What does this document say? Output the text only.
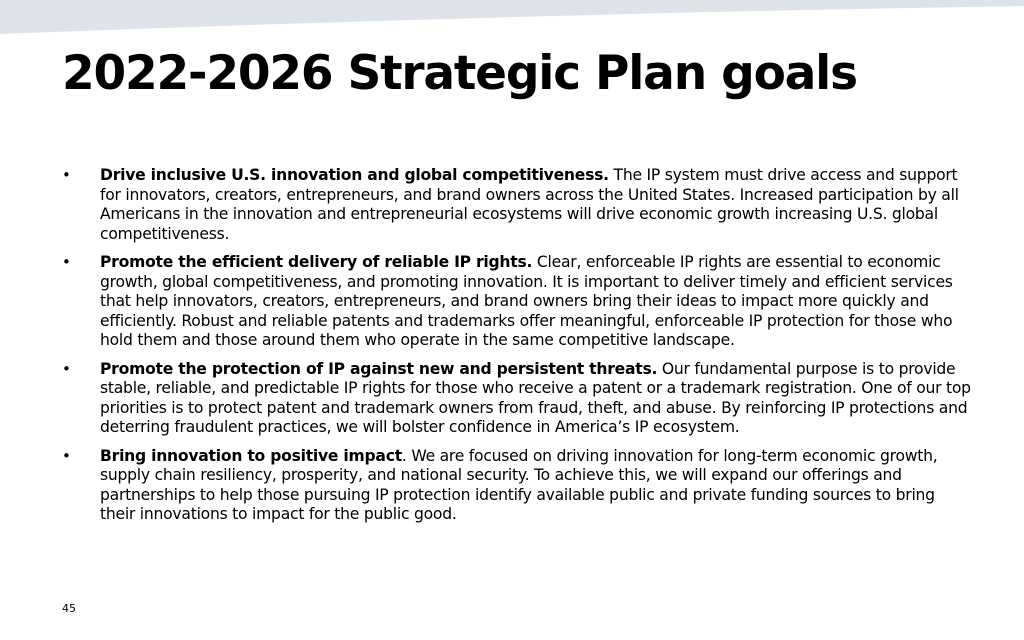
2022-2026 Strategic Plan goals
• Drive inclusive U.S. innovation and global competitiveness. The IP system must drive access and support for innovators, creators, entrepreneurs, and brand owners across the United States. Increased participation by all Americans in the innovation and entrepreneurial ecosystems will drive economic growth increasing U.S. global competitiveness.
• Promote the efficient delivery of reliable IP rights. Clear, enforceable IP rights are essential to economic growth, global competitiveness, and promoting innovation. It is important to deliver timely and efficient services that help innovators, creators, entrepreneurs, and brand owners bring their ideas to impact more quickly and efficiently. Robust and reliable patents and trademarks offer meaningful, enforceable IP protection for those who hold them and those around them who operate in the same competitive landscape.
• Promote the protection of IP against new and persistent threats. Our fundamental purpose is to provide stable, reliable, and predictable IP rights for those who receive a patent or a trademark registration. One of our top priorities is to protect patent and trademark owners from fraud, theft, and abuse. By reinforcing IP protections and deterring fraudulent practices, we will bolster confidence in America’s IP ecosystem.
• Bring innovation to positive impact. We are focused on driving innovation for long-term economic growth, supply chain resiliency, prosperity, and national security. To achieve this, we will expand our offerings and partnerships to help those pursuing IP protection identify available public and private funding sources to bring their innovations to impact for the public good.
45
